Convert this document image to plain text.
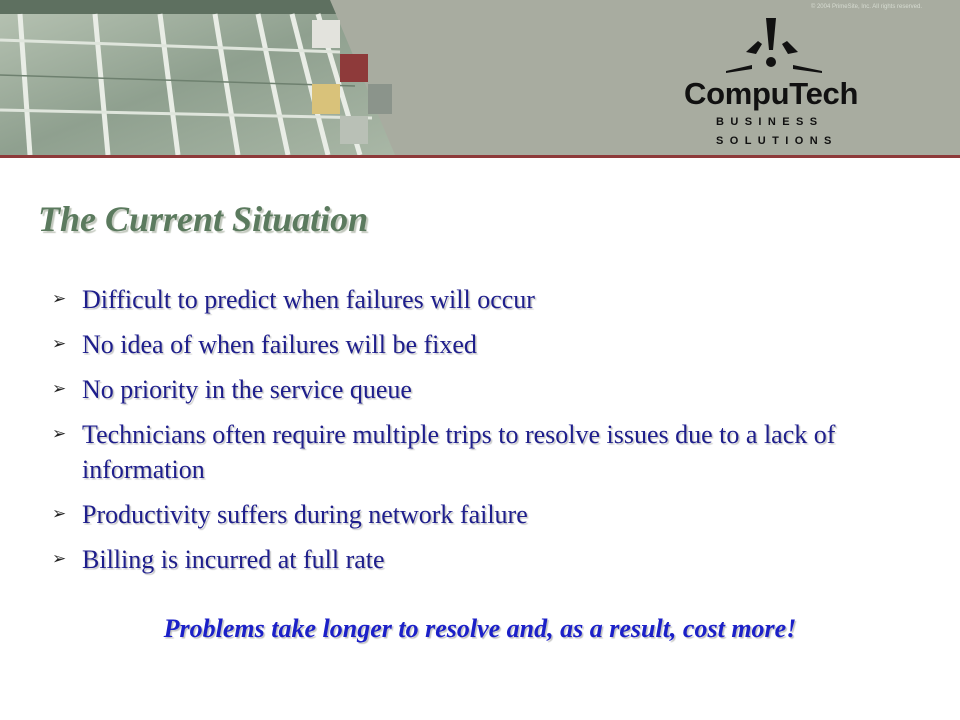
© 2004 PrimeSite, Inc. All rights reserved.
CompuTech
BUSINESS
SOLUTIONS
The Current Situation
➢ Difficult to predict when failures will occur
➢ No idea of when failures will be fixed
➢ No priority in the service queue
➢ Technicians often require multiple trips to resolve issues due to a lack of information
➢ Productivity suffers during network failure
➢ Billing is incurred at full rate
Problems take longer to resolve and, as a result, cost more!
